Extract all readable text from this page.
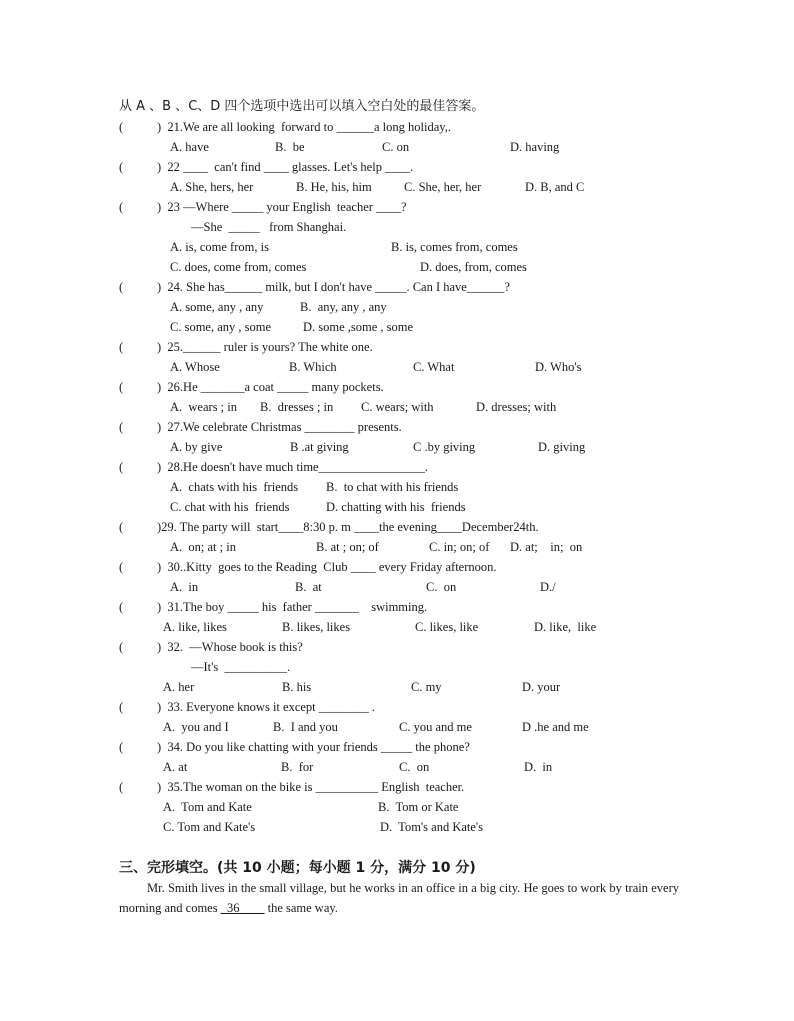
从 A 、B 、C、D 四个选项中选出可以填入空白处的最佳答案。
(	)  21.We are all looking  forward to ______a long holiday,.
A. have	B.  be	C. on	D. having
(	)  22 ____  can't find ____ glasses. Let's help ____.
A. She, hers, her	B. He, his, him	C. She, her, her	D. B, and C
(	)  23 —Where _____ your English  teacher ____?
—She  _____   from Shanghai.
A. is, come from, is	B. is, comes from, comes
C. does, come from, comes	D. does, from, comes
(	)  24. She has______ milk, but I don't have _____. Can I have______?
A. some, any , any	B.  any, any , any
C. some, any , some	D. some ,some , some
(	)  25.______ ruler is yours? The white one.
A. Whose	B. Which	C. What	D. Who's
(	)  26.He _______a coat _____ many pockets.
A.  wears ; in B.  dresses ; in C. wears; with	D. dresses; with
(	)  27.We celebrate Christmas ________ presents.
A. by give	B .at giving	C .by giving	D. giving
(	)  28.He doesn't have much time_________________.
A.  chats with his  friends B.  to chat with his friends
C. chat with his  friends	D. chatting with his  friends
(	)29. The party will  start____8:30 p. m ____the evening____December24th.
A.  on; at ; in	B. at ; on; of	C. in; on; of D. at;    in;  on
(	)  30..Kitty  goes to the Reading  Club ____ every Friday afternoon.
A.  in	B.  at	C.  on	D./
(	)  31.The boy _____ his  father _______    swimming.
A. like, likes	B. likes, likes	C. likes, like	D. like,  like
(	)  32.  —Whose book is this?
—It's  __________.
A. her	B. his	C. my	D. your
(	)  33. Everyone knows it except ________ .
A.  you and I	B.  I and you	C. you and me	D .he and me
(	)  34. Do you like chatting with your friends _____ the phone?
A. at	B.  for	C.  on	D.  in
(	)  35.The woman on the bike is __________ English  teacher.
A.  Tom and Kate	B.  Tom or Kate
C. Tom and Kate's	D.  Tom's and Kate's
三、完形填空。(共 10 小题；每小题 1 分，满分 10 分)
Mr. Smith lives in the small village, but he works in an office in a big city. He goes to work by train every morning and comes _36____ the same way.
